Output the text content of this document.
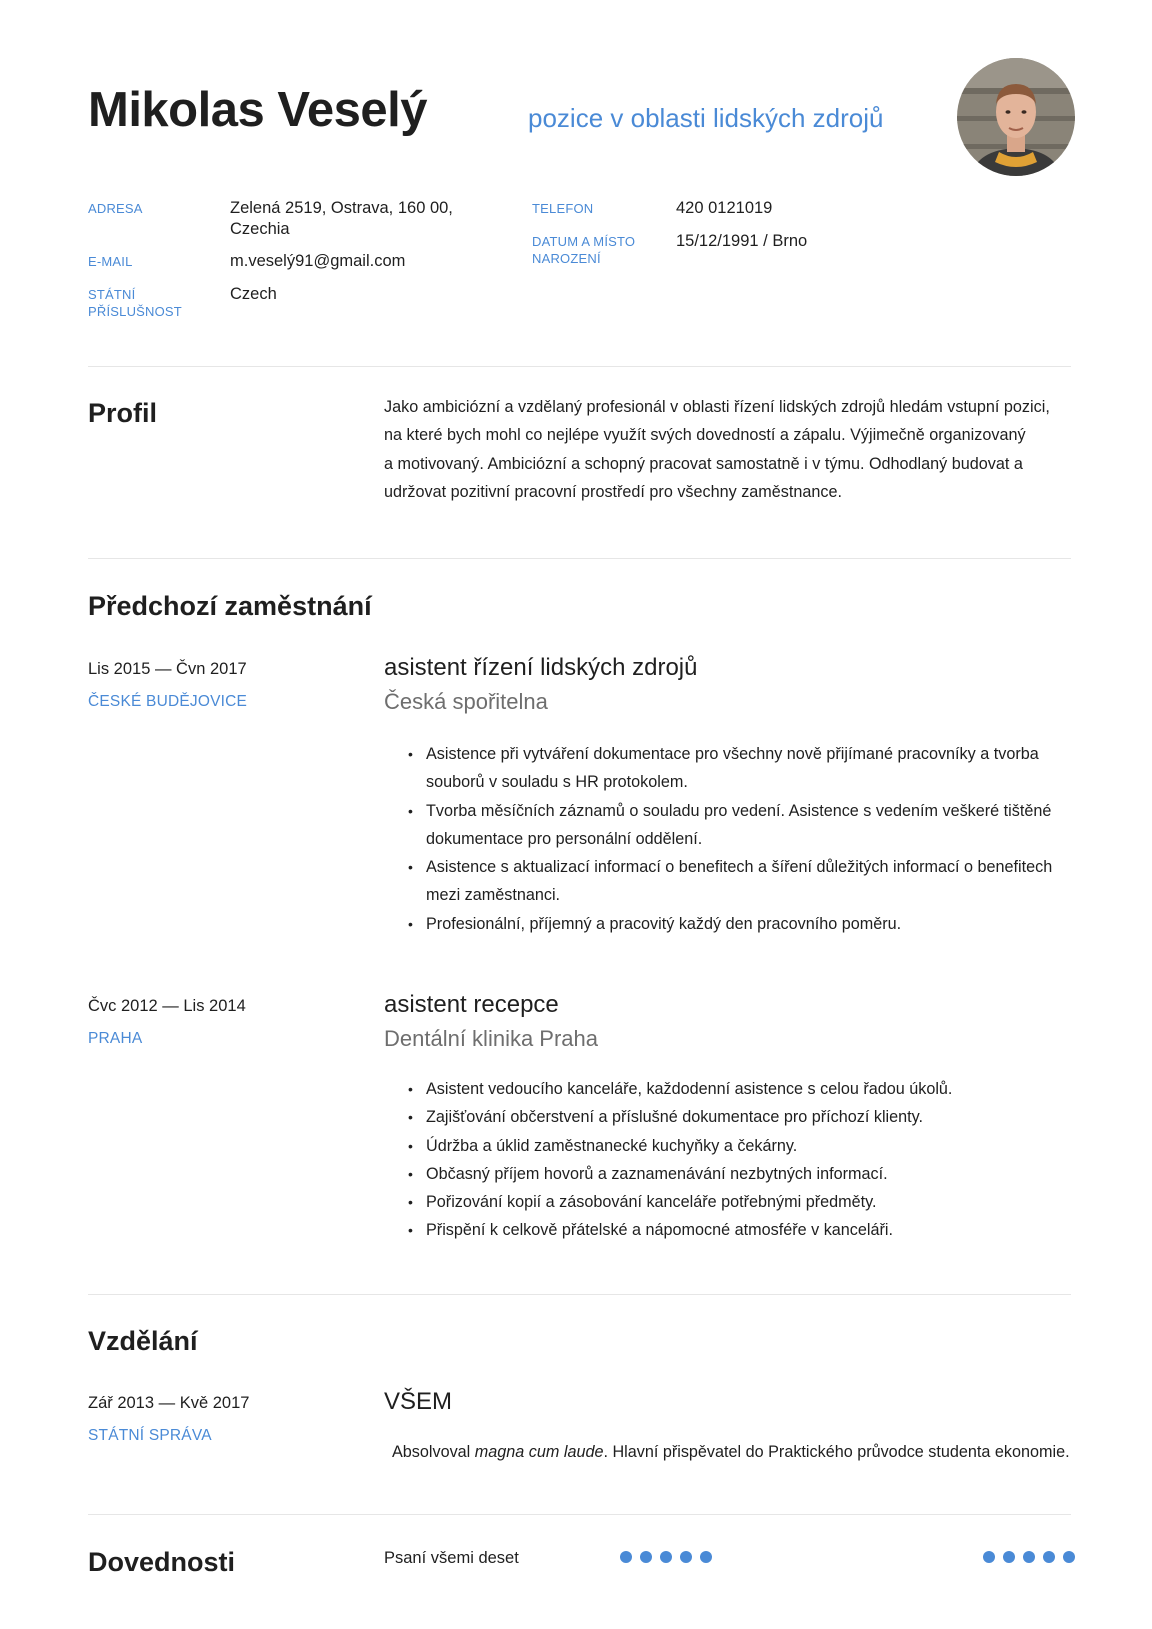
Mikolas Veselý	pozice v oblasti lidských zdrojů
ADRESA	Zelená 2519, Ostrava, 160 00,
Czechia
E-MAIL	m.veselý91@gmail.com
STÁTNÍ
PŘÍSLUŠNOST
Czech
TELEFON	420 0121019
DATUM A MÍSTO
NAROZENÍ
15/12/1991 / Brno
Profil	Jako ambiciózní a vzdělaný profesionál v oblasti řízení lidských zdrojů hledám vstupní pozici,
na které bych mohl co nejlépe využít svých dovedností a zápalu. Výjimečně organizovaný
a motivovaný. Ambiciózní a schopný pracovat samostatně i v týmu. Odhodlaný budovat a
udržovat pozitivní pracovní prostředí pro všechny zaměstnance.
Předchozí zaměstnání
Lis 2015 — Čvn 2017
ČESKÉ BUDĚJOVICE
asistent řízení lidských zdrojů
Česká spořitelna
• Asistence při vytváření dokumentace pro všechny nově přijímané pracovníky a tvorba souborů v souladu s HR protokolem.
• Tvorba měsíčních záznamů o souladu pro vedení. Asistence s vedením veškeré tištěné dokumentace pro personální oddělení.
• Asistence s aktualizací informací o benefitech a šíření důležitých informací o benefitech mezi zaměstnanci.
• Profesionální, příjemný a pracovitý každý den pracovního poměru.
Čvc 2012 — Lis 2014
PRAHA
asistent recepce
Dentální klinika Praha
• Asistent vedoucího kanceláře, každodenní asistence s celou řadou úkolů.
• Zajišťování občerstvení a příslušné dokumentace pro příchozí klienty.
• Údržba a úklid zaměstnanecké kuchyňky a čekárny.
• Občasný příjem hovorů a zaznamenávání nezbytných informací.
• Pořizování kopií a zásobování kanceláře potřebnými předměty.
• Přispění k celkově přátelské a nápomocné atmosféře v kanceláři.
Vzdělání
Zář 2013 — Kvě 2017
STÁTNÍ SPRÁVA
VŠEM
Absolvoval magna cum laude. Hlavní přispěvatel do Praktického průvodce studenta ekonomie.
Dovednosti	Psaní všemi deset
